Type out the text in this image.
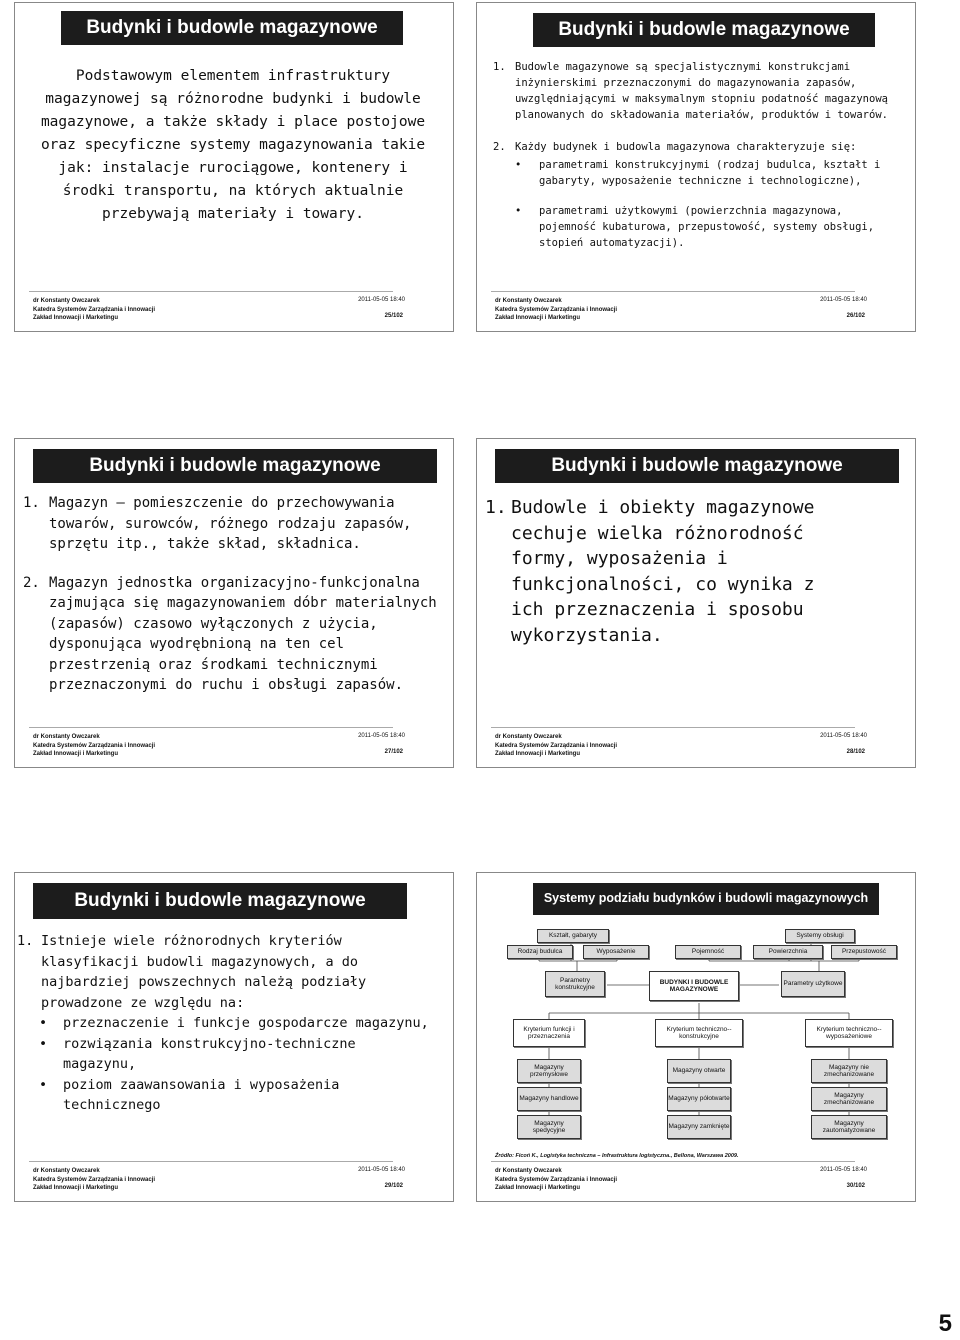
Budynki i budowle magazynowe
Podstawowym elementem infrastruktury magazynowej są różnorodne budynki i budowle magazynowe, a także składy i place postojowe oraz specyficzne systemy magazynowania takie jak: instalacje rurociągowe, kontenery i środki transportu, na których aktualnie przebywają materiały i towary.
dr Konstanty Owczarek
Katedra Systemów Zarządzania i Innowacji
Zakład Innowacji i Marketingu
2011-05-05 18:40
25/102
Budynki i budowle magazynowe
1. Budowle magazynowe są specjalistycznymi konstrukcjami inżynierskimi przeznaczonymi do magazynowania zapasów, uwzględniającymi w maksymalnym stopniu podatność magazynową planowanych do składowania materiałów, produktów i towarów.
2. Każdy budynek i budowla magazynowa charakteryzuje się:
• parametrami konstrukcyjnymi (rodzaj budulca, kształt i gabaryty, wyposażenie techniczne i technologiczne),
• parametrami użytkowymi (powierzchnia magazynowa, pojemność kubaturowa, przepustowość, systemy obsługi, stopień automatyzacji).
dr Konstanty Owczarek
Katedra Systemów Zarządzania i Innowacji
Zakład Innowacji i Marketingu
2011-05-05 18:40
26/102
Budynki i budowle magazynowe
1. Magazyn – pomieszczenie do przechowywania towarów, surowców, różnego rodzaju zapasów, sprzętu itp., także skład, składnica.
2. Magazyn jednostka organizacyjno-funkcjonalna zajmująca się magazynowaniem dóbr materialnych (zapasów) czasowo wyłączonych z użycia, dysponująca wyodrębnioną na ten cel przestrzenią oraz środkami technicznymi przeznaczonymi do ruchu i obsługi zapasów.
dr Konstanty Owczarek
Katedra Systemów Zarządzania i Innowacji
Zakład Innowacji i Marketingu
2011-05-05 18:40
27/102
Budynki i budowle magazynowe
1. Budowle i obiekty magazynowe cechuje wielka różnorodność formy, wyposażenia i funkcjonalności, co wynika z ich przeznaczenia i sposobu wykorzystania.
dr Konstanty Owczarek
Katedra Systemów Zarządzania i Innowacji
Zakład Innowacji i Marketingu
2011-05-05 18:40
28/102
Budynki i budowle magazynowe
1. Istnieje wiele różnorodnych kryteriów klasyfikacji budowli magazynowych, a do najbardziej powszechnych należą podziały prowadzone ze względu na:
• przeznaczenie i funkcje gospodarcze magazynu,
• rozwiązania konstrukcyjno-techniczne magazynu,
• poziom zaawansowania i wyposażenia technicznego
dr Konstanty Owczarek
Katedra Systemów Zarządzania i Innowacji
Zakład Innowacji i Marketingu
2011-05-05 18:40
29/102
Systemy podziału budynków i budowli magazynowych
Kształt, gabaryty	Systemy obsługi
Rodzaj budulca	Wyposażenie	Pojemność	Powierzchnia	Przepustowość
Parametry konstrukcyjne
BUDYNKI I BUDOWLE MAGAZYNOWE
Parametry użytkowe
Kryterium funkcji i przeznaczenia
Kryterium techniczno--konstrukcyjne
Kryterium techniczno--wyposażeniowe
Magazyny przemysłowe
Magazyny handlowe
Magazyny spedycyjne
Magazyny otwarte
Magazyny półotwarte
Magazyny zamknięte
Magazyny nie zmechanizowane
Magazyny zmechanizowane
Magazyny zautomatyzowane
Źródło: Ficoń K., Logistyka techniczna – Infrastruktura logistyczna., Bellona, Warszawa 2009.
dr Konstanty Owczarek
Katedra Systemów Zarządzania i Innowacji
Zakład Innowacji i Marketingu
2011-05-05 18:40
30/102
5
